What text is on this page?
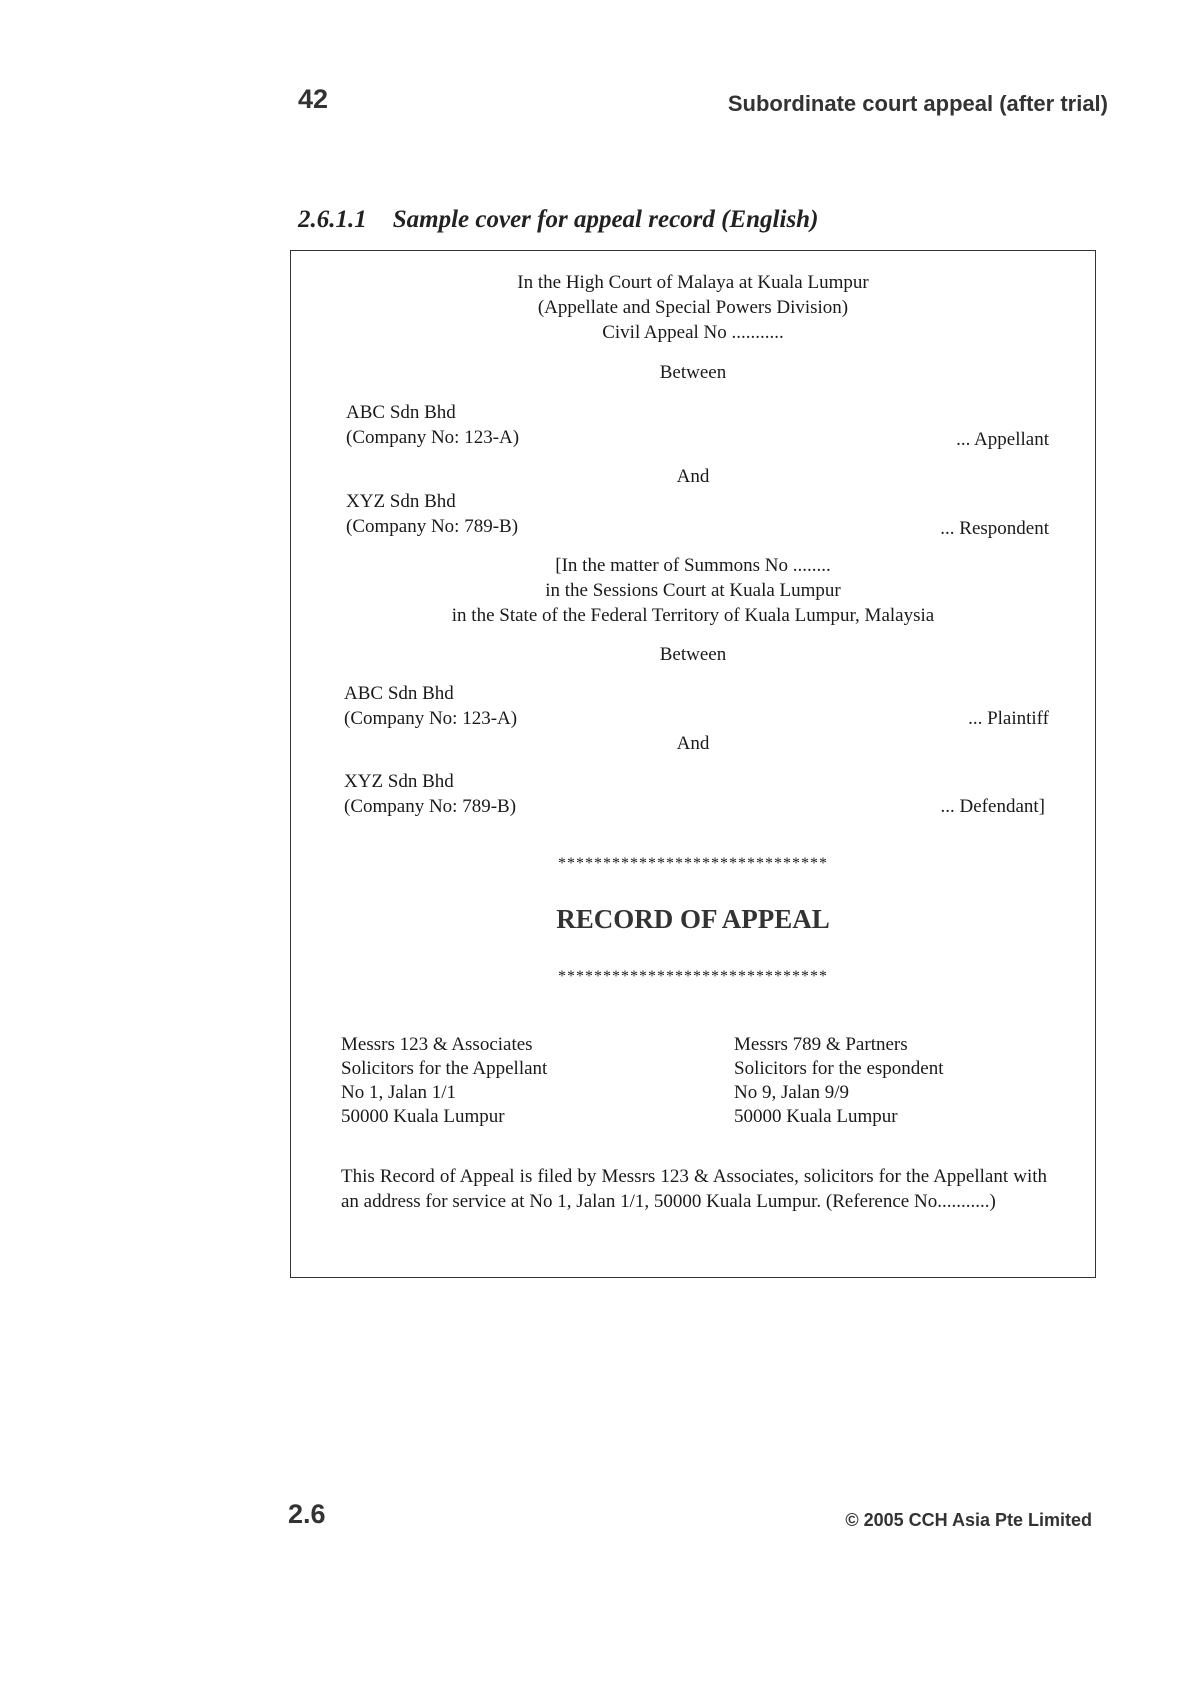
42	Subordinate court appeal (after trial)
2.6.1.1 Sample cover for appeal record (English)
In the High Court of Malaya at Kuala Lumpur
(Appellate and Special Powers Division)
Civil Appeal No ...........
Between
ABC Sdn Bhd
(Company No: 123-A)	... Appellant
And
XYZ Sdn Bhd
(Company No: 789-B)	... Respondent
[In the matter of Summons No ........
in the Sessions Court at Kuala Lumpur
in the State of the Federal Territory of Kuala Lumpur, Malaysia
Between
ABC Sdn Bhd
(Company No: 123-A)	... Plaintiff
And
XYZ Sdn Bhd
(Company No: 789-B)	... Defendant]
******************************
RECORD OF APPEAL
******************************
Messrs 123 & Associates
Solicitors for the Appellant
No 1, Jalan 1/1
50000 Kuala Lumpur
Messrs 789 & Partners
Solicitors for the espondent
No 9, Jalan 9/9
50000 Kuala Lumpur
This Record of Appeal is filed by Messrs 123 & Associates, solicitors for the Appellant with an address for service at No 1, Jalan 1/1, 50000 Kuala Lumpur. (Reference No...........)
2.6	© 2005 CCH Asia Pte Limited
